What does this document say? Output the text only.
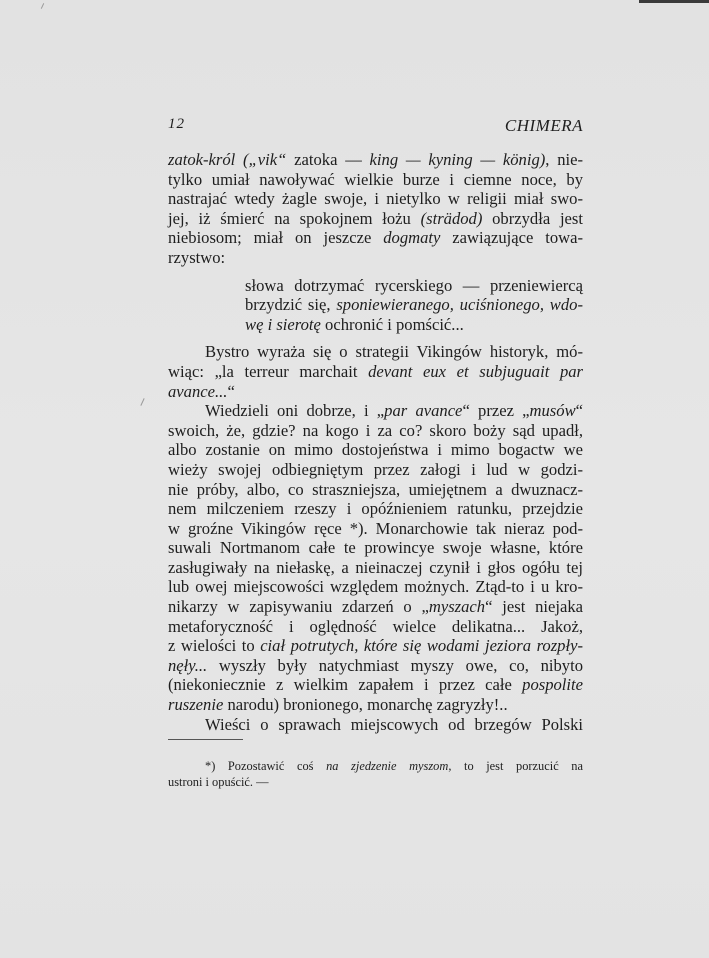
12	CHIMERA
zatok-król („vik“ zatoka — king — kyning — könig), nie-
tylko umiał nawoływać wielkie burze i ciemne noce, by
nastrajać wtedy żagle swoje, i nietylko w religii miał swo-
jej, iż śmierć na spokojnem łożu (strädod) obrzydła jest
niebiosom; miał on jeszcze dogmaty zawiązujące towa-
rzystwo:
słowa dotrzymać rycerskiego — przeniewiercą
brzydzić się, sponiewieranego, uciśnionego, wdo-
wę i sierotę ochronić i pomścić...
Bystro wyraża się o strategii Vikingów historyk, mó-
wiąc: „la terreur marchait devant eux et subjuguait par
avance...“
Wiedzieli oni dobrze, i „par avance“ przez „musów“
swoich, że, gdzie? na kogo i za co? skoro boży sąd upadł,
albo zostanie on mimo dostojeństwa i mimo bogactw we
wieży swojej odbiegniętym przez załogi i lud w godzi-
nie próby, albo, co straszniejsza, umiejętnem a dwuznacz-
nem milczeniem rzeszy i opóźnieniem ratunku, przejdzie
w groźne Vikingów ręce *). Monarchowie tak nieraz pod-
suwali Nortmanom całe te prowincye swoje własne, które
zasługiwały na niełaskę, a nieinaczej czynił i głos ogółu tej
lub owej miejscowości względem możnych. Ztąd-to i u kro-
nikarzy w zapisywaniu zdarzeń o „myszach“ jest niejaka
metaforyczność i oględność wielce delikatna... Jakoż,
z wielości to ciał potrutych, które się wodami jeziora rozpły-
nęły... wyszły były natychmiast myszy owe, co, nibyto
(niekoniecznie z wielkim zapałem i przez całe pospolite
ruszenie narodu) bronionego, monarchę zagryzły!..
Wieści o sprawach miejscowych od brzegów Polski
*) Pozostawić coś na zjedzenie myszom, to jest porzucić na
ustroni i opuścić. —
